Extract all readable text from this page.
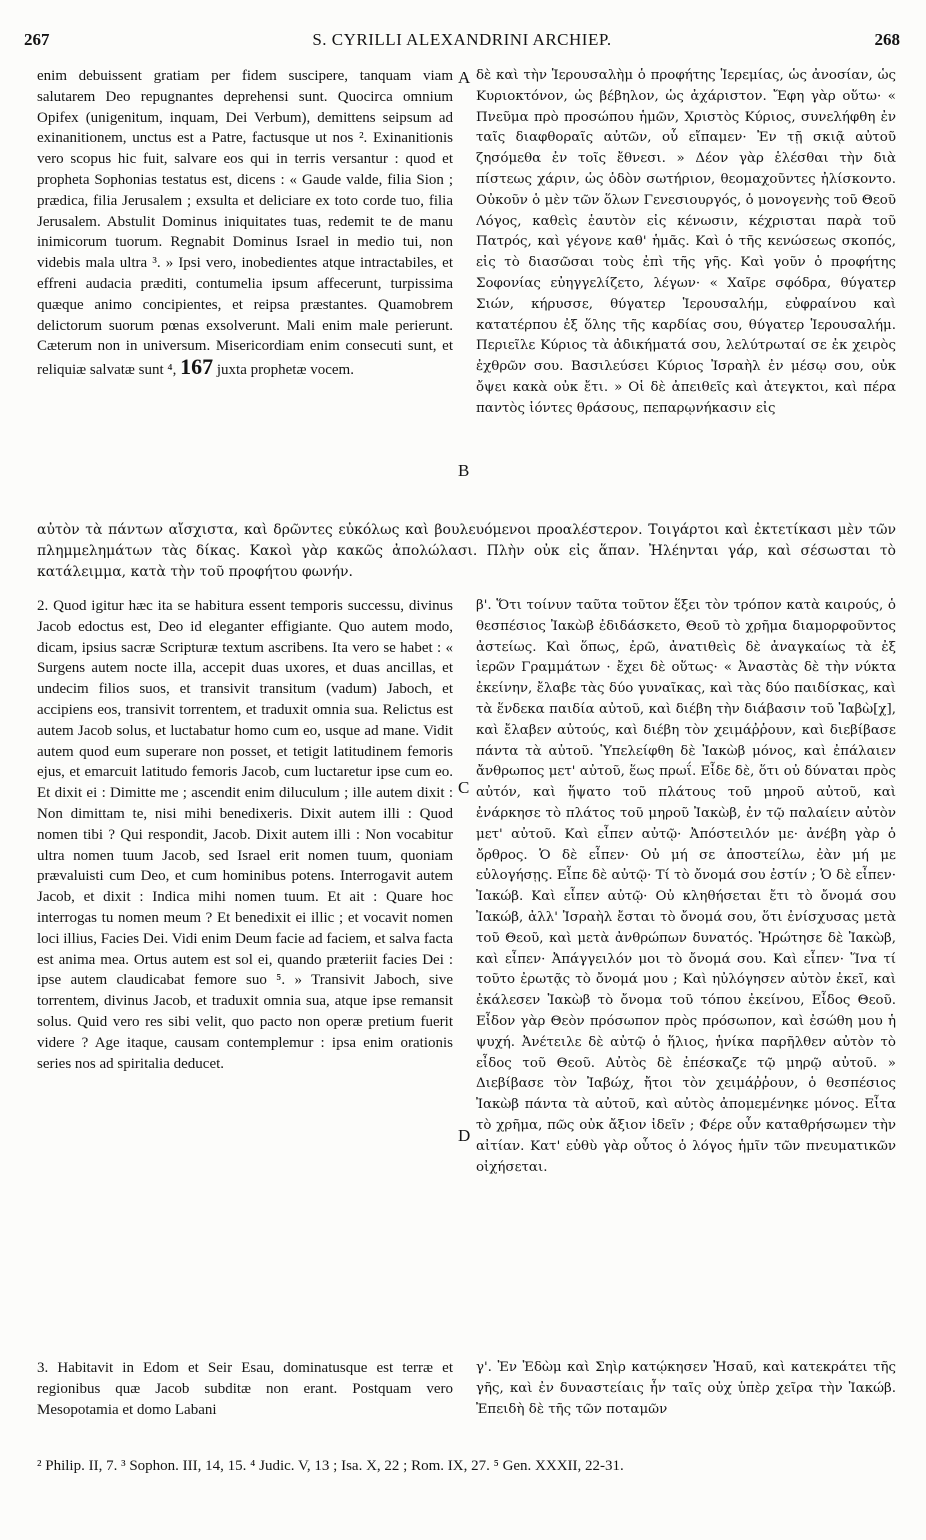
267	S. CYRILLI ALEXANDRINI ARCHIEP.	268

enim debuissent gratiam per fidem suscipere, tanquam viam salutarem Deo repugnantes deprehensi sunt. Quocirca omnium Opifex (unigenitum, inquam, Dei Verbum), demittens seipsum ad exinanitionem, unctus est a Patre, factusque ut nos ². Exinanitionis vero scopus hic fuit, salvare eos qui in terris versantur : quod et propheta Sophonias testatus est, dicens : « Gaude valde, filia Sion ; prædica, filia Jerusalem ; exsulta et deliciare ex toto corde tuo, filia Jerusalem. Abstulit Dominus iniquitates tuas, redemit te de manu inimicorum tuorum. Regnabit Dominus Israel in medio tui, non videbis mala ultra ³. » Ipsi vero, inobedientes atque intractabiles, et effreni audacia præditi, contumelia ipsum affecerunt, turpissima quæque animo concipientes, et reipsa præstantes. Quamobrem delictorum suorum pœnas exsolverunt. Mali enim male perierunt. Cæterum non in universum. Misericordiam enim consecuti sunt, et reliquiæ salvatæ sunt ⁴, 167 juxta prophetæ vocem.

δὲ καὶ τὴν Ἱερουσαλὴμ ὁ προφήτης Ἱερεμίας, ὡς ἀνοσίαν, ὡς Κυριοκτόνον, ὡς βέβηλον, ὡς ἀχάριστον. Ἔφη γὰρ οὕτω· « Πνεῦμα πρὸ προσώπου ἡμῶν, Χριστὸς Κύριος, συνελήφθη ἐν ταῖς διαφθοραῖς αὐτῶν, οὗ εἴπαμεν· Ἐν τῇ σκιᾷ αὐτοῦ ζησόμεθα ἐν τοῖς ἔθνεσι. » Δέον γὰρ ἑλέσθαι τὴν διὰ πίστεως χάριν, ὡς ὁδὸν σωτήριον, θεομαχοῦντες ἠλίσκοντο. Οὐκοῦν ὁ μὲν τῶν ὅλων Γενεσιουργός, ὁ μονογενὴς τοῦ Θεοῦ Λόγος, καθεὶς ἑαυτὸν εἰς κένωσιν, κέχρισται παρὰ τοῦ Πατρός, καὶ γέγονε καθ' ἡμᾶς. Καὶ ὁ τῆς κενώσεως σκοπός, εἰς τὸ διασῶσαι τοὺς ἐπὶ τῆς γῆς. Καὶ γοῦν ὁ προφήτης Σοφονίας εὐηγγελίζετο, λέγων· « Χαῖρε σφόδρα, θύγατερ Σιών, κήρυσσε, θύγατερ Ἱερουσαλήμ, εὐφραίνου καὶ κατατέρπου ἐξ ὅλης τῆς καρδίας σου, θύγατερ Ἱερουσαλήμ. Περιεῖλε Κύριος τὰ ἀδικήματά σου, λελύτρωταί σε ἐκ χειρὸς ἐχθρῶν σου. Βασιλεύσει Κύριος Ἰσραὴλ ἐν μέσῳ σου, οὐκ ὄψει κακὰ οὐκ ἔτι. » Οἱ δὲ ἀπειθεῖς καὶ ἀτεγκτοι, καὶ πέρα παντὸς ἰόντες θράσους, πεπαρῳνήκασιν εἰς

αὐτὸν τὰ πάντων αἴσχιστα, καὶ δρῶντες εὐκόλως καὶ βουλευόμενοι προαλέστερον. Τοιγάρτοι καὶ ἐκτετίκασι μὲν τῶν πλημμελημάτων τὰς δίκας. Κακοὶ γὰρ κακῶς ἀπολώλασι. Πλὴν οὐκ εἰς ἅπαν. Ἠλέηνται γάρ, καὶ σέσωσται τὸ κατάλειμμα, κατὰ τὴν τοῦ προφήτου φωνήν.

2. Quod igitur hæc ita se habitura essent temporis successu, divinus Jacob edoctus est, Deo id eleganter effigiante. Quo autem modo, dicam, ipsius sacræ Scripturæ textum ascribens. Ita vero se habet : « Surgens autem nocte illa, accepit duas uxores, et duas ancillas, et undecim filios suos, et transivit transitum (vadum) Jaboch, et accipiens eos, transivit torrentem, et traduxit omnia sua. Relictus est autem Jacob solus, et luctabatur homo cum eo, usque ad mane. Vidit autem quod eum superare non posset, et tetigit latitudinem femoris ejus, et emarcuit latitudo femoris Jacob, cum luctaretur ipse cum eo. Et dixit ei : Dimitte me ; ascendit enim diluculum ; ille autem dixit : Non dimittam te, nisi mihi benedixeris. Dixit autem illi : Quod nomen tibi ? Qui respondit, Jacob. Dixit autem illi : Non vocabitur ultra nomen tuum Jacob, sed Israel erit nomen tuum, quoniam prævaluisti cum Deo, et cum hominibus potens. Interrogavit autem Jacob, et dixit : Indica mihi nomen tuum. Et ait : Quare hoc interrogas tu nomen meum ? Et benedixit ei illic ; et vocavit nomen loci illius, Facies Dei. Vidi enim Deum facie ad faciem, et salva facta est anima mea. Ortus autem est sol ei, quando præteriit facies Dei : ipse autem claudicabat femore suo ⁵. » Transivit Jaboch, sive torrentem, divinus Jacob, et traduxit omnia sua, atque ipse remansit solus. Quid vero res sibi velit, quo pacto non operæ pretium fuerit videre ? Age itaque, causam contemplemur : ipsa enim orationis series nos ad spiritalia deducet.

β'. Ὅτι τοίνυν ταῦτα τοῦτον ἕξει τὸν τρόπον κατὰ καιρούς, ὁ θεσπέσιος Ἰακὼβ ἐδιδάσκετο, Θεοῦ τὸ χρῆμα διαμορφοῦντος ἀστείως. Καὶ ὅπως, ἐρῶ, ἀνατιθεὶς δὲ ἀναγκαίως τὰ ἐξ ἱερῶν Γραμμάτων · ἔχει δὲ οὕτως· « Ἀναστὰς δὲ τὴν νύκτα ἐκείνην, ἔλαβε τὰς δύο γυναῖκας, καὶ τὰς δύο παιδίσκας, καὶ τὰ ἕνδεκα παιδία αὐτοῦ, καὶ διέβη τὴν διάβασιν τοῦ Ἰαβὼ[χ], καὶ ἔλαβεν αὐτούς, καὶ διέβη τὸν χειμάῤῥουν, καὶ διεβίβασε πάντα τὰ αὐτοῦ. Ὑπελείφθη δὲ Ἰακὼβ μόνος, καὶ ἐπάλαιεν ἄνθρωπος μετ' αὐτοῦ, ἕως πρωΐ. Εἶδε δὲ, ὅτι οὐ δύναται πρὸς αὐτόν, καὶ ἥψατο τοῦ πλάτους τοῦ μηροῦ αὐτοῦ, καὶ ἐνάρκησε τὸ πλάτος τοῦ μηροῦ Ἰακὼβ, ἐν τῷ παλαίειν αὐτὸν μετ' αὐτοῦ. Καὶ εἶπεν αὐτῷ· Ἀπόστειλόν με· ἀνέβη γὰρ ὁ ὄρθρος. Ὁ δὲ εἶπεν· Οὐ μή σε ἀποστείλω, ἐὰν μή με εὐλογήσῃς. Εἶπε δὲ αὐτῷ· Τί τὸ ὄνομά σου ἐστίν ; Ὁ δὲ εἶπεν· Ἰακώβ. Καὶ εἶπεν αὐτῷ· Οὐ κληθήσεται ἔτι τὸ ὄνομά σου Ἰακώβ, ἀλλ' Ἰσραὴλ ἔσται τὸ ὄνομά σου, ὅτι ἐνίσχυσας μετὰ τοῦ Θεοῦ, καὶ μετὰ ἀνθρώπων δυνατός. Ἠρώτησε δὲ Ἰακὼβ, καὶ εἶπεν· Ἀπάγγειλόν μοι τὸ ὄνομά σου. Καὶ εἶπεν· Ἵνα τί τοῦτο ἐρωτᾷς τὸ ὄνομά μου ; Καὶ ηὐλόγησεν αὐτὸν ἐκεῖ, καὶ ἐκάλεσεν Ἰακὼβ τὸ ὄνομα τοῦ τόπου ἐκείνου, Εἶδος Θεοῦ. Εἶδον γὰρ Θεὸν πρόσωπον πρὸς πρόσωπον, καὶ ἐσώθη μου ἡ ψυχή. Ἀνέτειλε δὲ αὐτῷ ὁ ἥλιος, ἡνίκα παρῆλθεν αὐτὸν τὸ εἶδος τοῦ Θεοῦ. Αὐτὸς δὲ ἐπέσκαζε τῷ μηρῷ αὐτοῦ. » Διεβίβασε τὸν Ἰαβώχ, ἤτοι τὸν χειμάῤῥουν, ὁ θεσπέσιος Ἰακὼβ πάντα τὰ αὐτοῦ, καὶ αὐτὸς ἀπομεμένηκε μόνος. Εἶτα τὸ χρῆμα, πῶς οὐκ ἄξιον ἰδεῖν ; Φέρε οὖν καταθρήσωμεν τὴν αἰτίαν. Κατ' εὐθὺ γὰρ οὗτος ὁ λόγος ἡμῖν τῶν πνευματικῶν οἰχήσεται.

3. Habitavit in Edom et Seir Esau, dominatusque est terræ et regionibus quæ Jacob subditæ non erant. Postquam vero Mesopotamia et domo Labani

γ'. Ἐν Ἐδὼμ καὶ Σηὶρ κατῴκησεν Ἠσαῦ, καὶ κατεκράτει τῆς γῆς, καὶ ἐν δυναστείαις ἦν ταῖς οὐχ ὑπὲρ χεῖρα τὴν Ἰακώβ. Ἐπειδὴ δὲ τῆς τῶν ποταμῶν

A
B
C
D
² Philip. II, 7. ³ Sophon. III, 14, 15. ⁴ Judic. V, 13 ; Isa. X, 22 ; Rom. IX, 27. ⁵ Gen. XXXII, 22-31.
